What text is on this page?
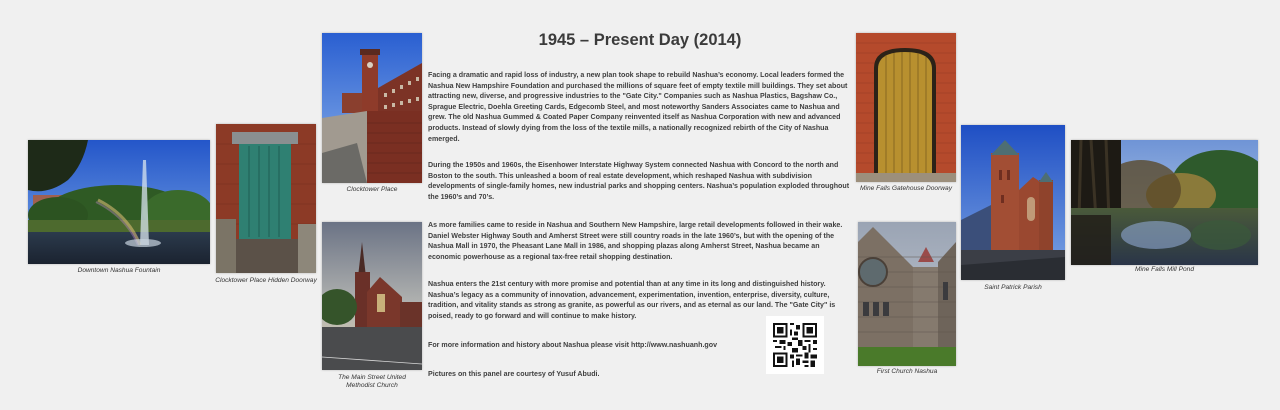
1945 – Present Day (2014)
Facing a dramatic and rapid loss of industry, a new plan took shape to rebuild Nashua’s economy. Local leaders formed the Nashua New Hampshire Foundation and purchased the millions of square feet of empty textile mill buildings. They set about attracting new, diverse, and progressive industries to the "Gate City." Companies such as Nashua Plastics, Bagshaw Co., Sprague Electric, Doehla Greeting Cards, Edgecomb Steel, and most noteworthy Sanders Associates came to Nashua and grew. The old Nashua Gummed & Coated Paper Company reinvented itself as Nashua Corporation with new and advanced products. Instead of slowly dying from the loss of the textile mills, a nationally recognized rebirth of the City of Nashua emerged.
During the 1950s and 1960s, the Eisenhower Interstate Highway System connected Nashua with Concord to the north and Boston to the south. This unleashed a boom of real estate development, which reshaped Nashua with subdivision developments of single-family homes, new industrial parks and shopping centers. Nashua’s population exploded throughout the 1960’s and 70’s.
As more families came to reside in Nashua and Southern New Hampshire, large retail developments followed in their wake. Daniel Webster Highway South and Amherst Street were still country roads in the late 1960’s, but with the opening of the Nashua Mall in 1970, the Pheasant Lane Mall in 1986, and shopping plazas along Amherst Street, Nashua became an economic powerhouse as a regional tax-free retail shopping destination.
Nashua enters the 21st century with more promise and potential than at any time in its long and distinguished history. Nashua’s legacy as a community of innovation, advancement, experimentation, invention, enterprise, diversity, culture, tradition, and vitality stands as strong as granite, as powerful as our rivers, and as eternal as our land. The "Gate City" is poised, ready to go forward and will continue to make history.
For more information and history about Nashua please visit http://www.nashuanh.gov
Pictures on this panel are courtesy of Yusuf Abudi.
Downtown Nashua Fountain
Clocktower Place Hidden Doorway
Clocktower Place
The Main Street United
Methodist Church
Mine Falls Gatehouse Doorway
First Church Nashua
Saint Patrick Parish
Mine Falls Mill Pond
